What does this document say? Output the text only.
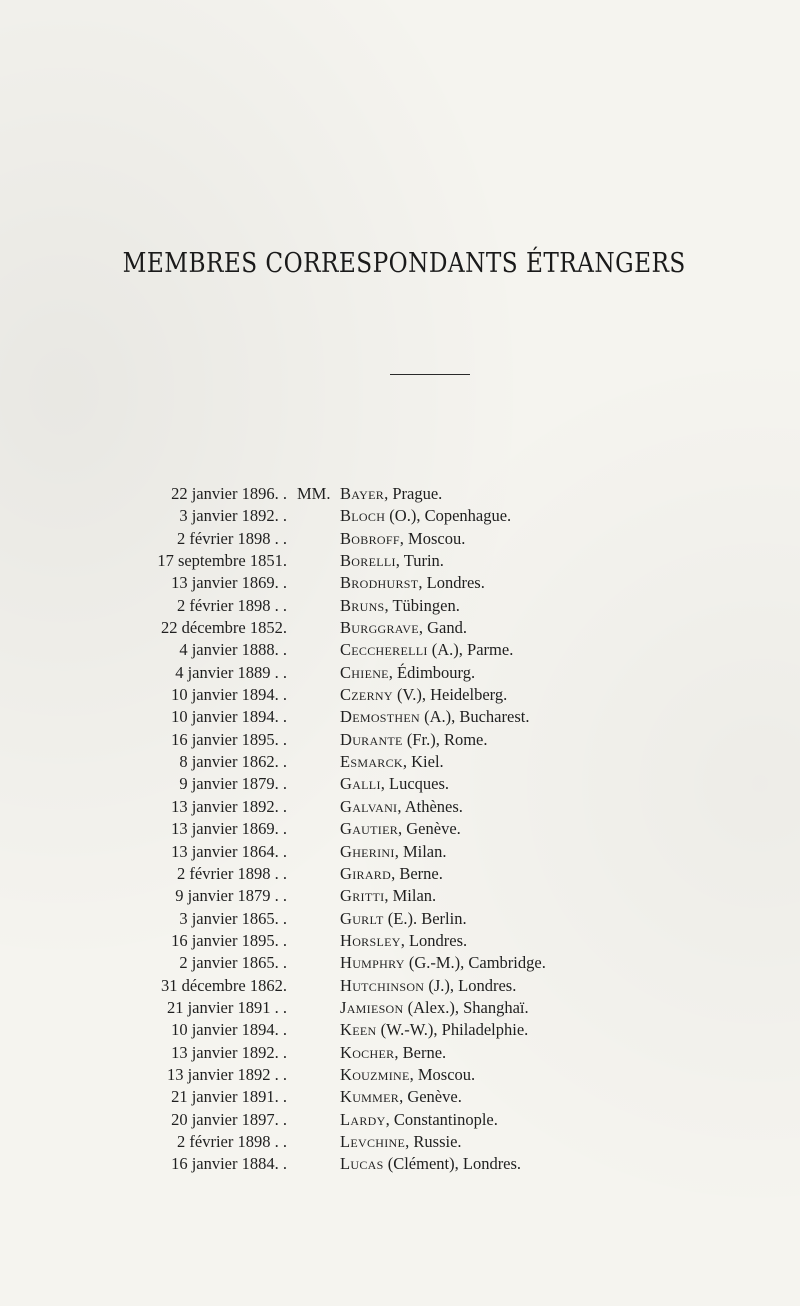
MEMBRES CORRESPONDANTS ÉTRANGERS
22 janvier 1896. . MM. Bayer, Prague.
3 janvier 1892. .	Bloch (O.), Copenhague.
2 février 1898 . .	Bobroff, Moscou.
17 septembre 1851.	Borelli, Turin.
13 janvier 1869. .	Brodhurst, Londres.
2 février 1898 . .	Bruns, Tübingen.
22 décembre 1852.	Burggrave, Gand.
4 janvier 1888. .	Ceccherelli (A.), Parme.
4 janvier 1889 . .	Chiene, Édimbourg.
10 janvier 1894. .	Czerny (V.), Heidelberg.
10 janvier 1894. .	Demosthen (A.), Bucharest.
16 janvier 1895. .	Durante (Fr.), Rome.
8 janvier 1862. .	Esmarck, Kiel.
9 janvier 1879. .	Galli, Lucques.
13 janvier 1892. .	Galvani, Athènes.
13 janvier 1869. .	Gautier, Genève.
13 janvier 1864. .	Gherini, Milan.
2 février 1898 . .	Girard, Berne.
9 janvier 1879 . .	Gritti, Milan.
3 janvier 1865. .	Gurlt (E.). Berlin.
16 janvier 1895. .	Horsley, Londres.
2 janvier 1865. .	Humphry (G.-M.), Cambridge.
31 décembre 1862.	Hutchinson (J.), Londres.
21 janvier 1891 . .	Jamieson (Alex.), Shanghaï.
10 janvier 1894. .	Keen (W.-W.), Philadelphie.
13 janvier 1892. .	Kocher, Berne.
13 janvier 1892 . .	Kouzmine, Moscou.
21 janvier 1891. .	Kummer, Genève.
20 janvier 1897. .	Lardy, Constantinople.
2 février 1898 . .	Levchine, Russie.
16 janvier 1884. .	Lucas (Clément), Londres.
